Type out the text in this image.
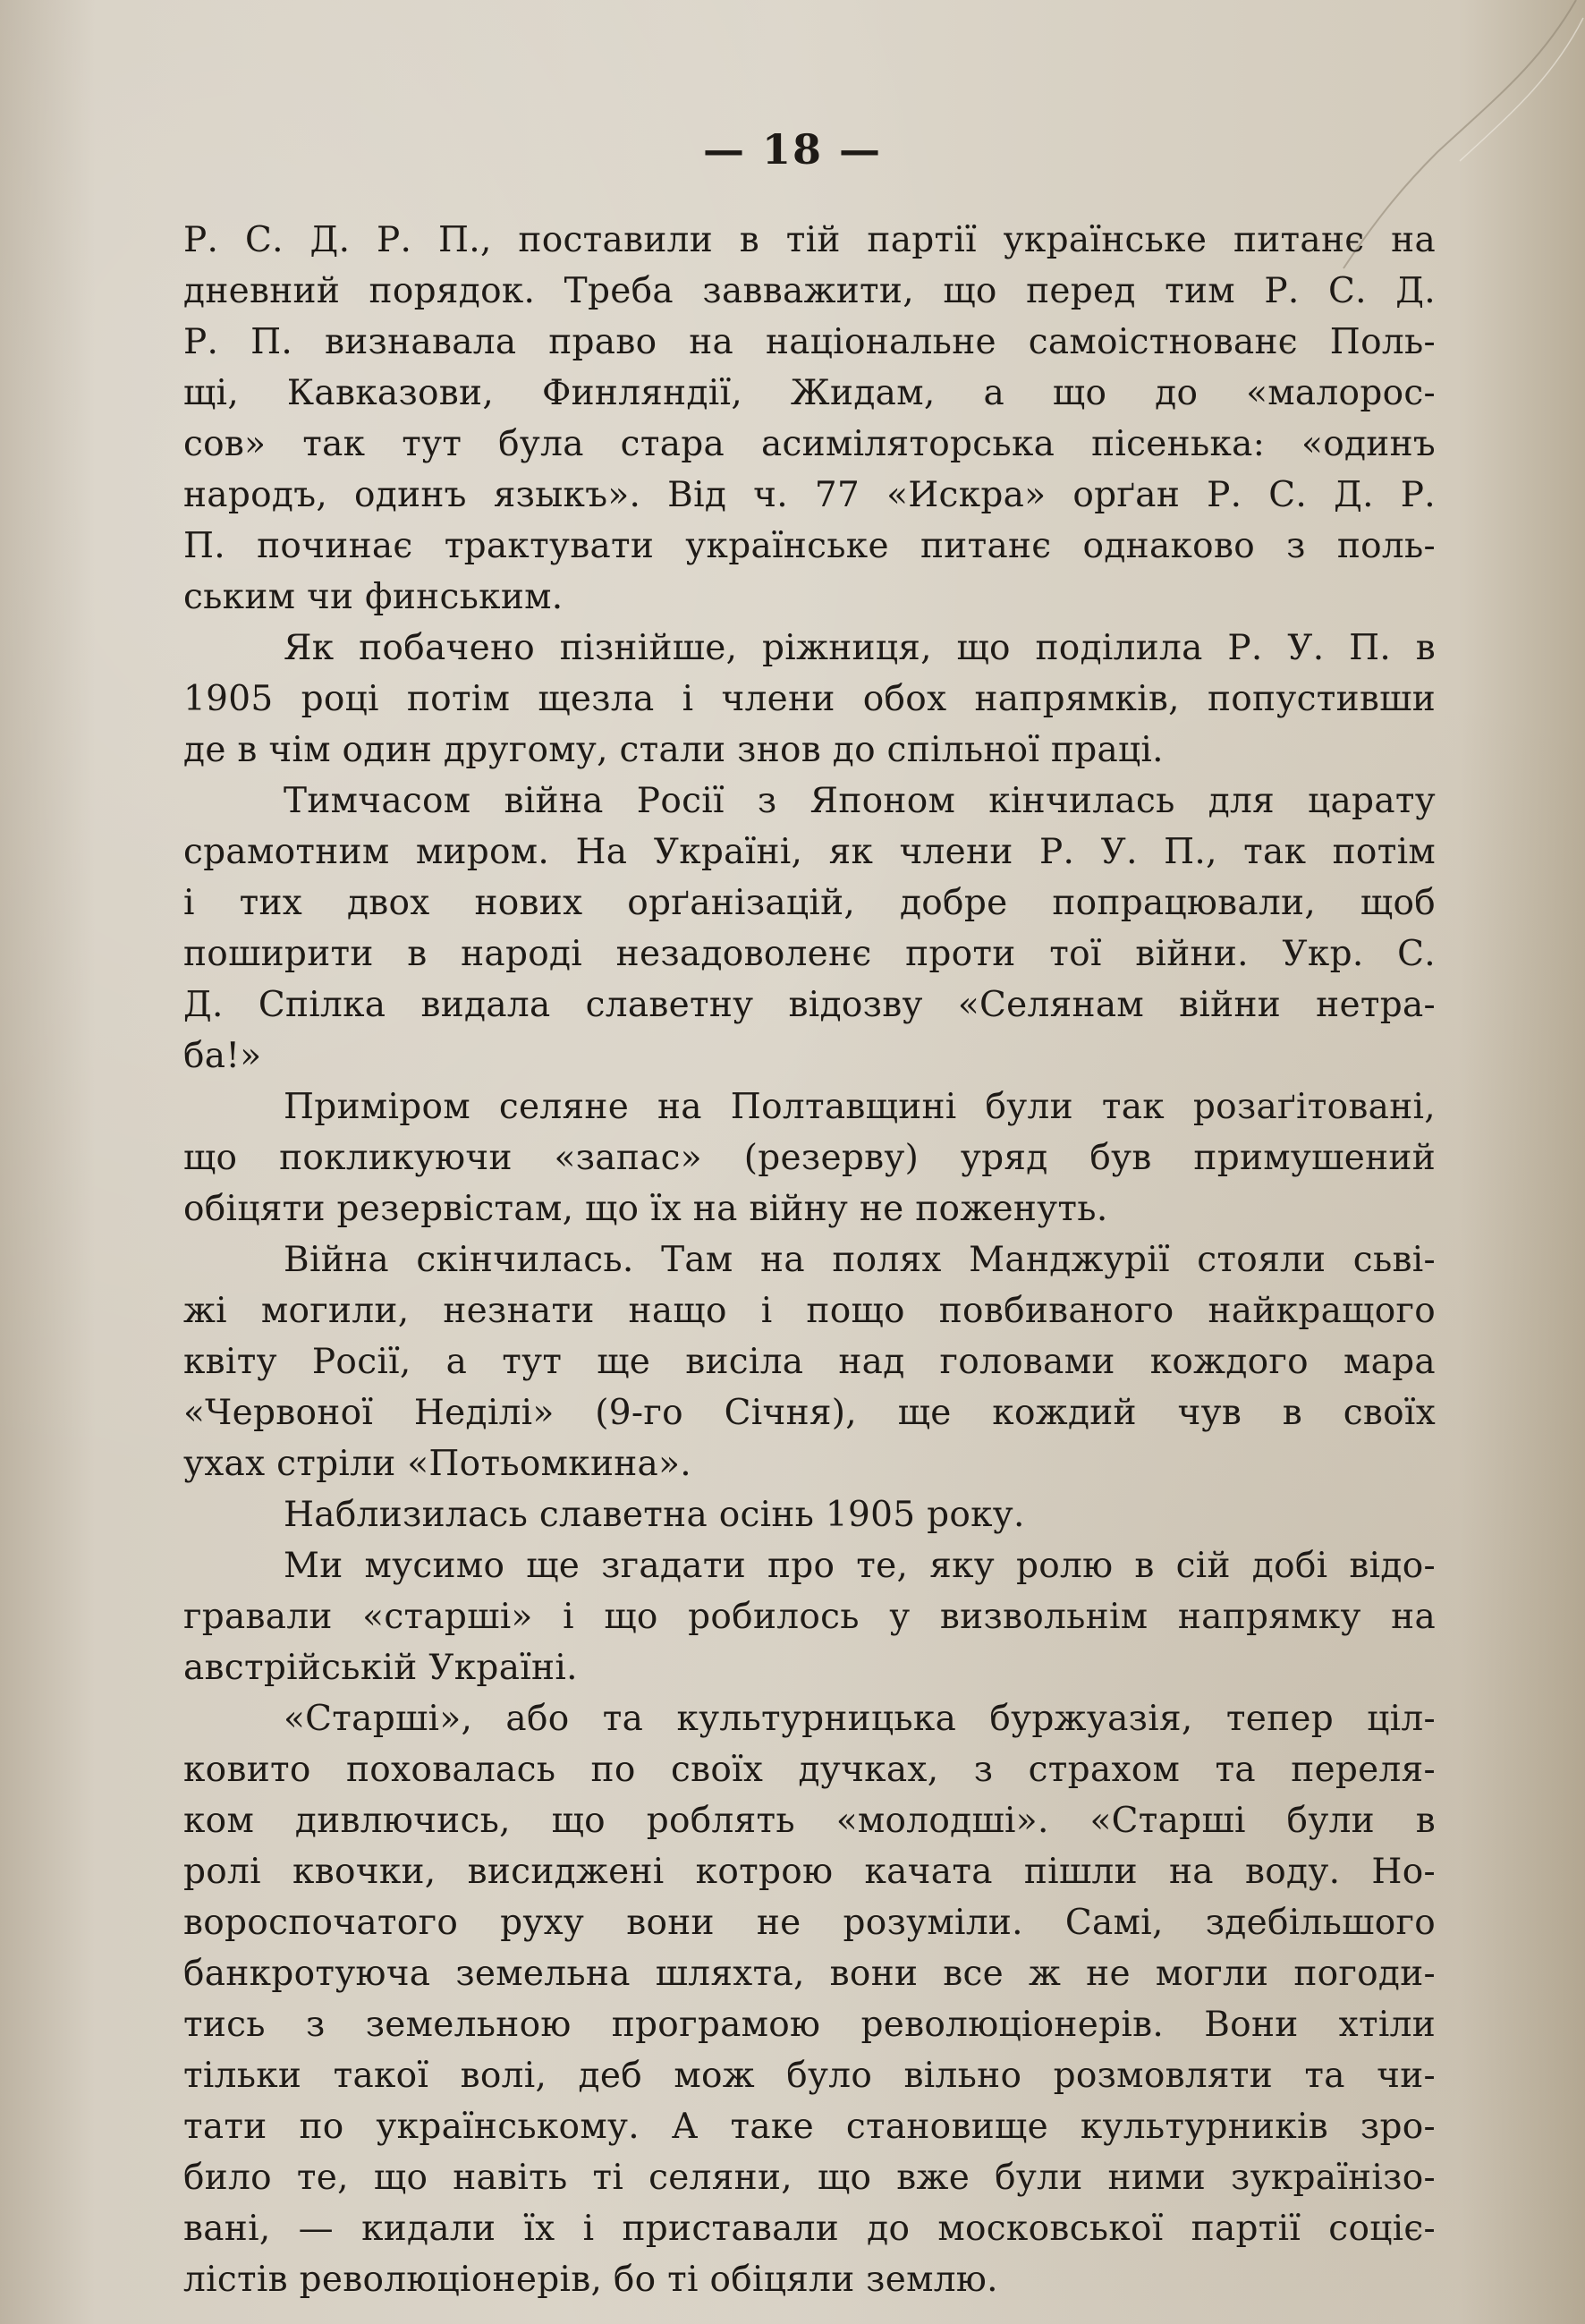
— 18 —
Р. С. Д. Р. П., поставили в тій партії українське питанє на
дневний порядок. Треба завважити, що перед тим Р. С. Д.
Р. П. визнавала право на національне самоістнованє Поль-
щі, Кавказови, Финляндії, Жидам, а що до «малорос-
сов» так тут була стара асиміляторська пісенька: «одинъ
народъ, одинъ языкъ». Від ч. 77 «Искра» орґан Р. С. Д. Р.
П. починає трактувати українське питанє однаково з поль-
ським чи финським.
Як побачено пізнійше, ріжниця, що поділила Р. У. П. в
1905 році потім щезла і члени обох напрямків, попустивши
де в чім один другому, стали знов до спільної праці.
Тимчасом війна Росії з Японом кінчилась для царату
срамотним миром. На Україні, як члени Р. У. П., так потім
і тих двох нових орґанізацій, добре попрацювали, щоб
поширити в народі незадоволенє проти тої війни. Укр. С.
Д. Спілка видала славетну відозву «Селянам війни нетра-
ба!»
Примiром селяне на Полтавщині були так розаґітовані,
що покликуючи «запас» (резерву) уряд був примушений
обіцяти резервістам, що їх на війну не поженуть.
Війна скінчилась. Там на полях Манджурії стояли сьві-
жі могили, незнати нащо і пощо повбиваного найкращого
квіту Росії, а тут ще висіла над головами кождого мара
«Червоної Неділі» (9-го Січня), ще кождий чув в своїх
ухах стріли «Потьомкина».
Наблизилась славетна осінь 1905 року.
Ми мусимо ще згадати про те, яку ролю в сій добі відо-
гравали «старші» і що робилось у визвольнім напрямку на
австрійській Україні.
«Старші», або та культурницька буржуазія, тепер ціл-
ковито поховалась по своїх дучках, з страхом та переля-
ком дивлючись, що роблять «молодші». «Старші були в
ролі квочки, висиджені котрою качата пішли на воду. Но-
вороспочатого руху вони не розуміли. Самі, здебільшого
банкротуюча земельна шляхта, вони все ж не могли погоди-
тись з земельною програмою революціонерів. Вони хтіли
тільки такої волі, деб мож було вільно розмовляти та чи-
тати по українському. А таке становище культурників зро-
било те, що навіть ті селяни, що вже були ними зукраїнізо-
вані, — кидали їх і приставали до московської партії соціє-
лістів революціонерів, бо ті обіцяли землю.
